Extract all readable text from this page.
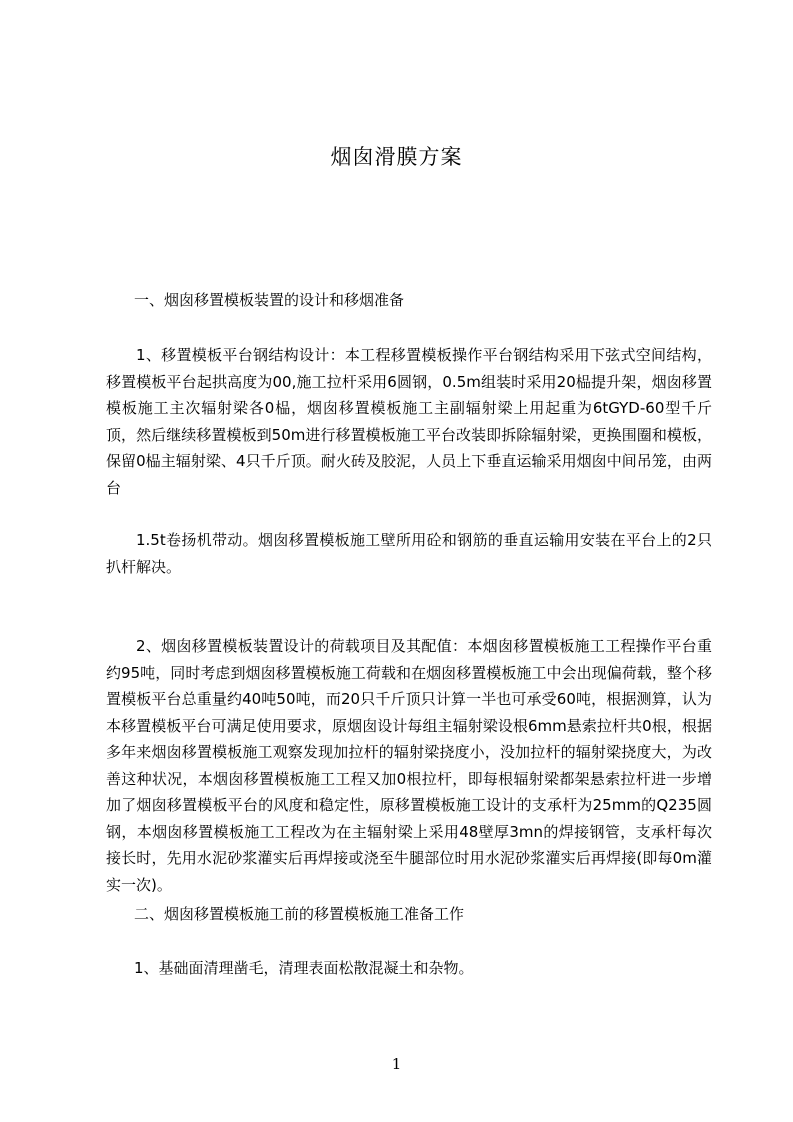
烟囱滑膜方案
一、烟囱移置模板装置的设计和移烟准备
1、移置模板平台钢结构设计：本工程移置模板操作平台钢结构采用下弦式空间结构，移置模板平台起拱高度为00,施工拉杆采用6圆钢，0.5m组装时采用20榀提升架，烟囱移置模板施工主次辐射梁各0榀，烟囱移置模板施工主副辐射梁上用起重为6tGYD-60型千斤顶，然后继续移置模板到50m进行移置模板施工平台改装即拆除辐射梁，更换围圈和模板，保留0榀主辐射梁、4只千斤顶。耐火砖及胶泥，人员上下垂直运输采用烟囱中间吊笼，由两台
1.5t卷扬机带动。烟囱移置模板施工壁所用砼和钢筋的垂直运输用安装在平台上的2只扒杆解决。
2、烟囱移置模板装置设计的荷载项目及其配值：本烟囱移置模板施工工程操作平台重约95吨，同时考虑到烟囱移置模板施工荷载和在烟囱移置模板施工中会出现偏荷载，整个移置模板平台总重量约40吨50吨，而20只千斤顶只计算一半也可承受60吨，根据测算，认为本移置模板平台可满足使用要求，原烟囱设计每组主辐射梁设根6mm悬索拉杆共0根，根据多年来烟囱移置模板施工观察发现加拉杆的辐射梁挠度小，没加拉杆的辐射梁挠度大，为改善这种状况，本烟囱移置模板施工工程又加0根拉杆，即每根辐射梁都架悬索拉杆进一步增加了烟囱移置模板平台的风度和稳定性，原移置模板施工设计的支承杆为25mm的Q235圆钢，本烟囱移置模板施工工程改为在主辐射梁上采用48壁厚3mn的焊接钢管，支承杆每次接长时，先用水泥砂浆灌实后再焊接或浇至牛腿部位时用水泥砂浆灌实后再焊接(即每0m灌实一次)。
二、烟囱移置模板施工前的移置模板施工准备工作
1、基础面清理凿毛，清理表面松散混凝土和杂物。
1
